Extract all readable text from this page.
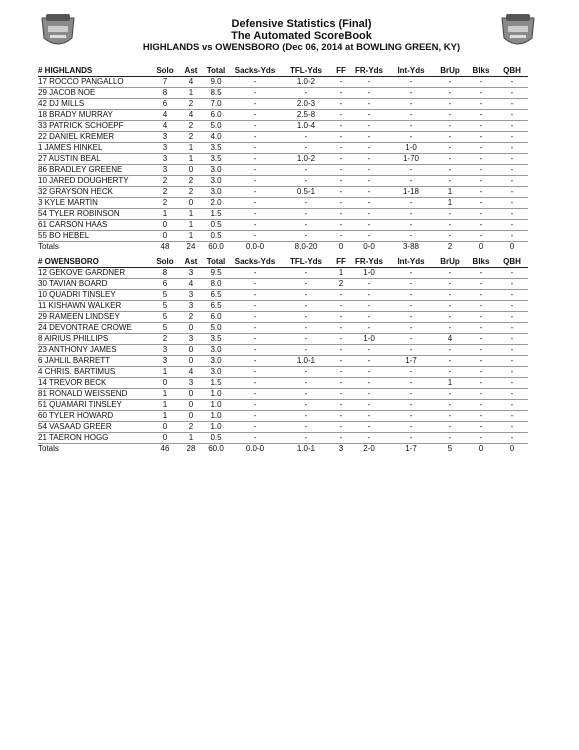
Defensive Statistics (Final)
The Automated ScoreBook
HIGHLANDS vs OWENSBORO (Dec 06, 2014 at BOWLING GREEN, KY)
# HIGHLANDS	Solo	Ast	Total	Sacks-Yds	TFL-Yds	FF	FR-Yds	Int-Yds	BrUp	Blks	QBH
17 ROCCO PANGALLO	7	4	9.0	-	1.0-2	-	-	-	-	-	-
29 JACOB NOE	8	1	8.5	-	-	-	-	-	-	-	-
42 DJ MILLS	6	2	7.0	-	2.0-3	-	-	-	-	-	-
18 BRADY MURRAY	4	4	6.0	-	2.5-8	-	-	-	-	-	-
33 PATRICK SCHOEPF	4	2	5.0	-	1.0-4	-	-	-	-	-	-
22 DANIEL KREMER	3	2	4.0	-	-	-	-	-	-	-	-
1 JAMES HINKEL	3	1	3.5	-	-	-	-	1-0	-	-	-
27 AUSTIN BEAL	3	1	3.5	-	1.0-2	-	-	1-70	-	-	-
86 BRADLEY GREENE	3	0	3.0	-	-	-	-	-	-	-	-
10 JARED DOUGHERTY	2	2	3.0	-	-	-	-	-	-	-	-
32 GRAYSON HECK	2	2	3.0	-	0.5-1	-	-	1-18	1	-	-
3 KYLE MARTIN	2	0	2.0	-	-	-	-	-	1	-	-
54 TYLER ROBINSON	1	1	1.5	-	-	-	-	-	-	-	-
61 CARSON HAAS	0	1	0.5	-	-	-	-	-	-	-	-
55 BO HEBEL	0	1	0.5	-	-	-	-	-	-	-	-
Totals	48	24	60.0	0.0-0	8.0-20	0	0-0	3-88	2	0	0
# OWENSBORO	Solo	Ast	Total	Sacks-Yds	TFL-Yds	FF	FR-Yds	Int-Yds	BrUp	Blks	QBH
12 GEKOVE GARDNER	8	3	9.5	-	-	1	1-0	-	-	-	-
30 TAVIAN BOARD	6	4	8.0	-	-	2	-	-	-	-	-
10 QUADRI TINSLEY	5	3	6.5	-	-	-	-	-	-	-	-
11 KISHAWN WALKER	5	3	6.5	-	-	-	-	-	-	-	-
29 RAMEEN LINDSEY	5	2	6.0	-	-	-	-	-	-	-	-
24 DEVONTRAE CROWE	5	0	5.0	-	-	-	-	-	-	-	-
8 AIRIUS PHILLIPS	2	3	3.5	-	-	-	1-0	-	4	-	-
23 ANTHONY JAMES	3	0	3.0	-	-	-	-	-	-	-	-
6 JAHLIL BARRETT	3	0	3.0	-	1.0-1	-	-	1-7	-	-	-
4 CHRIS. BARTIMUS	1	4	3.0	-	-	-	-	-	-	-	-
14 TREVOR BECK	0	3	1.5	-	-	-	-	-	1	-	-
81 RONALD WEISSEND	1	0	1.0	-	-	-	-	-	-	-	-
51 QUAMARI TINSLEY	1	0	1.0	-	-	-	-	-	-	-	-
60 TYLER HOWARD	1	0	1.0	-	-	-	-	-	-	-	-
54 VASAAD GREER	0	2	1.0	-	-	-	-	-	-	-	-
21 TAERON HOGG	0	1	0.5	-	-	-	-	-	-	-	-
Totals	46	28	60.0	0.0-0	1.0-1	3	2-0	1-7	5	0	0
